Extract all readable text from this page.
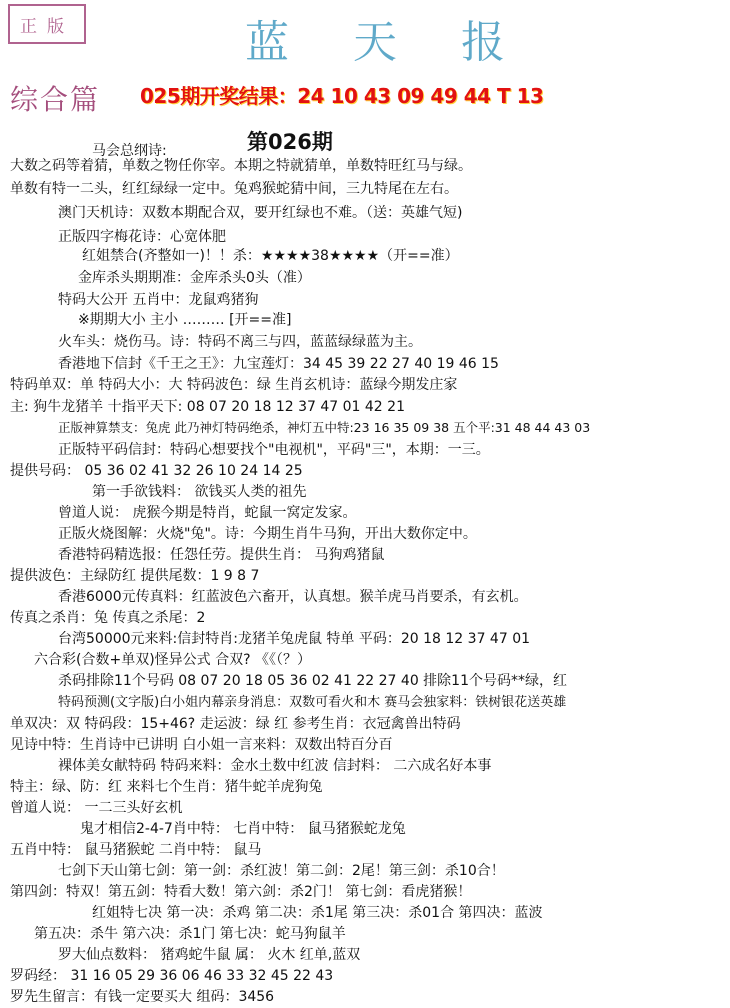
正版	蓝 天 报
综合篇 025期开奖结果：24 10 43 09 49 44 T 13
马会总纲诗:	第026期
大数之码等着猜，单数之物任你宰。本期之特就猜单，单数特旺红马与绿。
单数有特一二头，红红绿绿一定中。兔鸡猴蛇猜中间，三九特尾在左右。
澳门天机诗：双数本期配合双，要开红绿也不难。（送：英雄气短)
正版四字梅花诗：心宽体肥
红姐禁合(齐整如一)！！杀：★★★★38★★★★（开==准）
金库杀头期期准：金库杀头0头（准）
特码大公开 五肖中：龙鼠鸡猪狗
※期期大小 主小 ……… [开==准]
火车头：烧伤马。诗：特码不离三与四，蓝蓝绿绿蓝为主。
香港地下信封《千王之王》：九宝莲灯：34 45 39 22 27 40 19 46 15
特码单双：单 特码大小：大 特码波色：绿 生肖玄机诗：蓝绿今期发庄家
主: 狗牛龙猪羊 十指平天下: 08 07 20 18 12 37 47 01 42 21
正版神算禁支：兔虎 此乃神灯特码绝杀，神灯五中特:23 16 35 09 38 五个平:31 48 44 43 03
正版特平码信封：特码心想要找个"电视机"，平码"三"，本期：一三。
提供号码： 05 36 02 41 32 26 10 24 14 25
第一手欲钱料： 欲钱买人类的祖先
曾道人说： 虎猴今期是特肖，蛇鼠一窝定发家。
正版火烧图解：火烧"兔"。诗：今期生肖牛马狗，开出大数你定中。
香港特码精选报：任怨任劳。提供生肖： 马狗鸡猪鼠
提供波色：主绿防红 提供尾数：1 9 8 7
香港6000元传真料：红蓝波色六畜开，认真想。猴羊虎马肖要杀，有玄机。
传真之杀肖：兔 传真之杀尾：2
台湾50000元来料:信封特肖:龙猪羊兔虎鼠 特单 平码：20 18 12 37 47 01
六合彩(合数+单双)怪异公式 合双? 《《（？）
杀码排除11个号码 08 07 20 18 05 36 02 41 22 27 40 排除11个号码**绿，红
特码预测(文字版)白小姐内幕亲身消息：双数可看火和木 赛马会独家料：铁树银花送英雄
单双决：双 特码段：15+46? 走运波：绿 红 参考生肖：衣冠禽兽出特码
见诗中特：生肖诗中已讲明 白小姐一言来料：双数出特百分百
裸体美女献特码 特码来料：金水土数中红波 信封料： 二六成名好本事
特主：绿、防：红 来料七个生肖：猪牛蛇羊虎狗兔
曾道人说： 一二三头好玄机
鬼才相信2-4-7肖中特： 七肖中特： 鼠马猪猴蛇龙兔
五肖中特： 鼠马猪猴蛇 二肖中特： 鼠马
七剑下天山第七剑：第一剑：杀红波！第二剑：2尾！第三剑：杀10合！
第四剑：特双！第五剑：特看大数！第六剑：杀2门！ 第七剑：看虎猪猴！
红姐特七决 第一决：杀鸡 第二决：杀1尾 第三决：杀01合 第四决：蓝波
第五决：杀牛 第六决：杀1门 第七决：蛇马狗鼠羊
罗大仙点数料： 猪鸡蛇牛鼠 属： 火木 红单,蓝双
罗码经： 31 16 05 29 36 06 46 33 32 45 22 43
罗先生留言：有钱一定要买大 组码：3456
